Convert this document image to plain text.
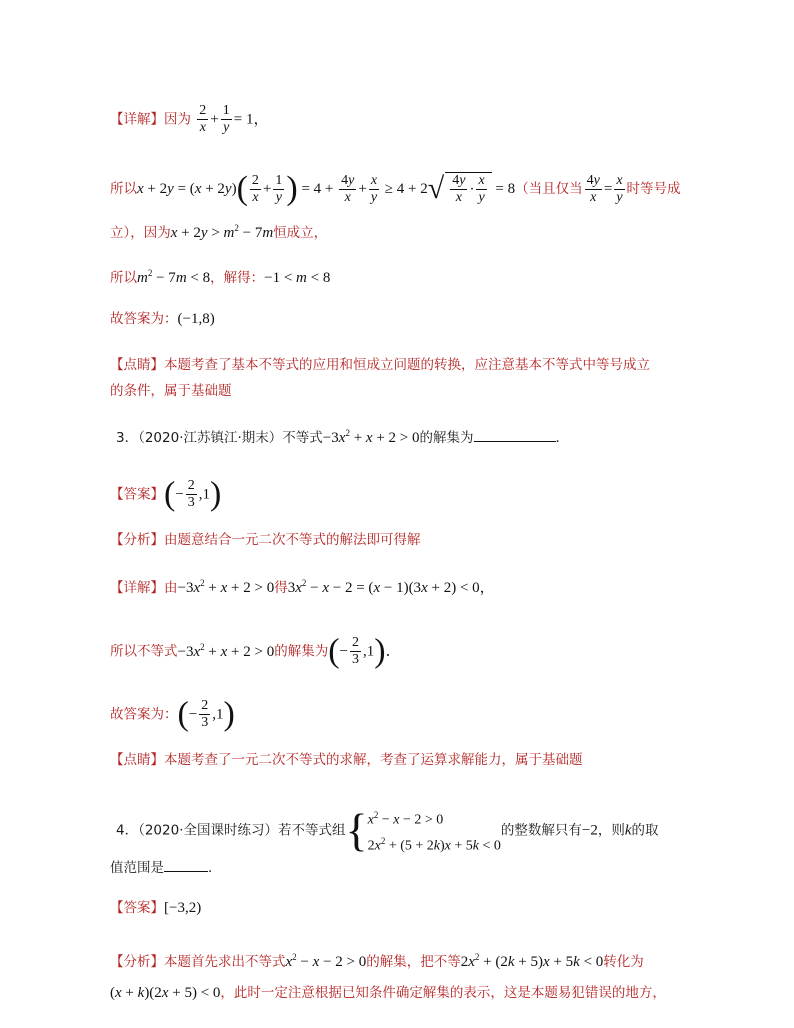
【详解】因为 $\frac{2}{x} + \frac{1}{y} = 1$，
所以$x + 2y = (x + 2y)( \frac{2}{x} + \frac{1}{y}$ ) = $4 + \frac{4y}{x} + \frac{x}{y} \ge 4 + 2√ \frac{4y}{x} \cdot \frac{x}{y} = 8$（当且仅当 $\frac{4y}{x} = \frac{x}{y}$ 时等号成
立），因为$x + 2y > m^2 - 7m$恒成立，
所以$m^2 - 7m < 8$，解得：−1 < m < 8
故答案为：(−1,8)
【点睛】本题考查了基本不等式的应用和恒成立问题的转换，应注意基本不等式中等号成立
的条件，属于基础题
3．（2020·江苏镇江·期末）不等式$-3x^2 + x + 2 > 0$的解集为	．
【答案】(− $\frac{2}{3} ,1$)
【分析】由题意结合一元二次不等式的解法即可得解
【详解】由$-3x^2 + x + 2 > 0$得$3x^2 - x - 2 = (x - 1)(3x + 2) < 0$，
所以不等式$-3x^2 + x + 2 > 0$的解集为(− $\frac{2}{3} ,1$)．
故答案为：(− $\frac{2}{3} ,1$)
【点睛】本题考查了一元二次不等式的求解，考查了运算求解能力，属于基础题
4．（2020·全国课时练习）若不等式组{$x^2 - x - 2 > 0$
$2x^2 + (5 + 2k)x + 5k < 0$的整数解只有−2，则k的取
值范围是	．
【答案】[−3,2)
【分析】本题首先求出不等式$x^2 - x - 2 > 0$的解集，把不等$2x^2 + (2k + 5)x + 5k < 0$转化为
(x + k)(2x + 5) < 0，此时一定注意根据已知条件确定解集的表示，这是本题易犯错误的地方，
